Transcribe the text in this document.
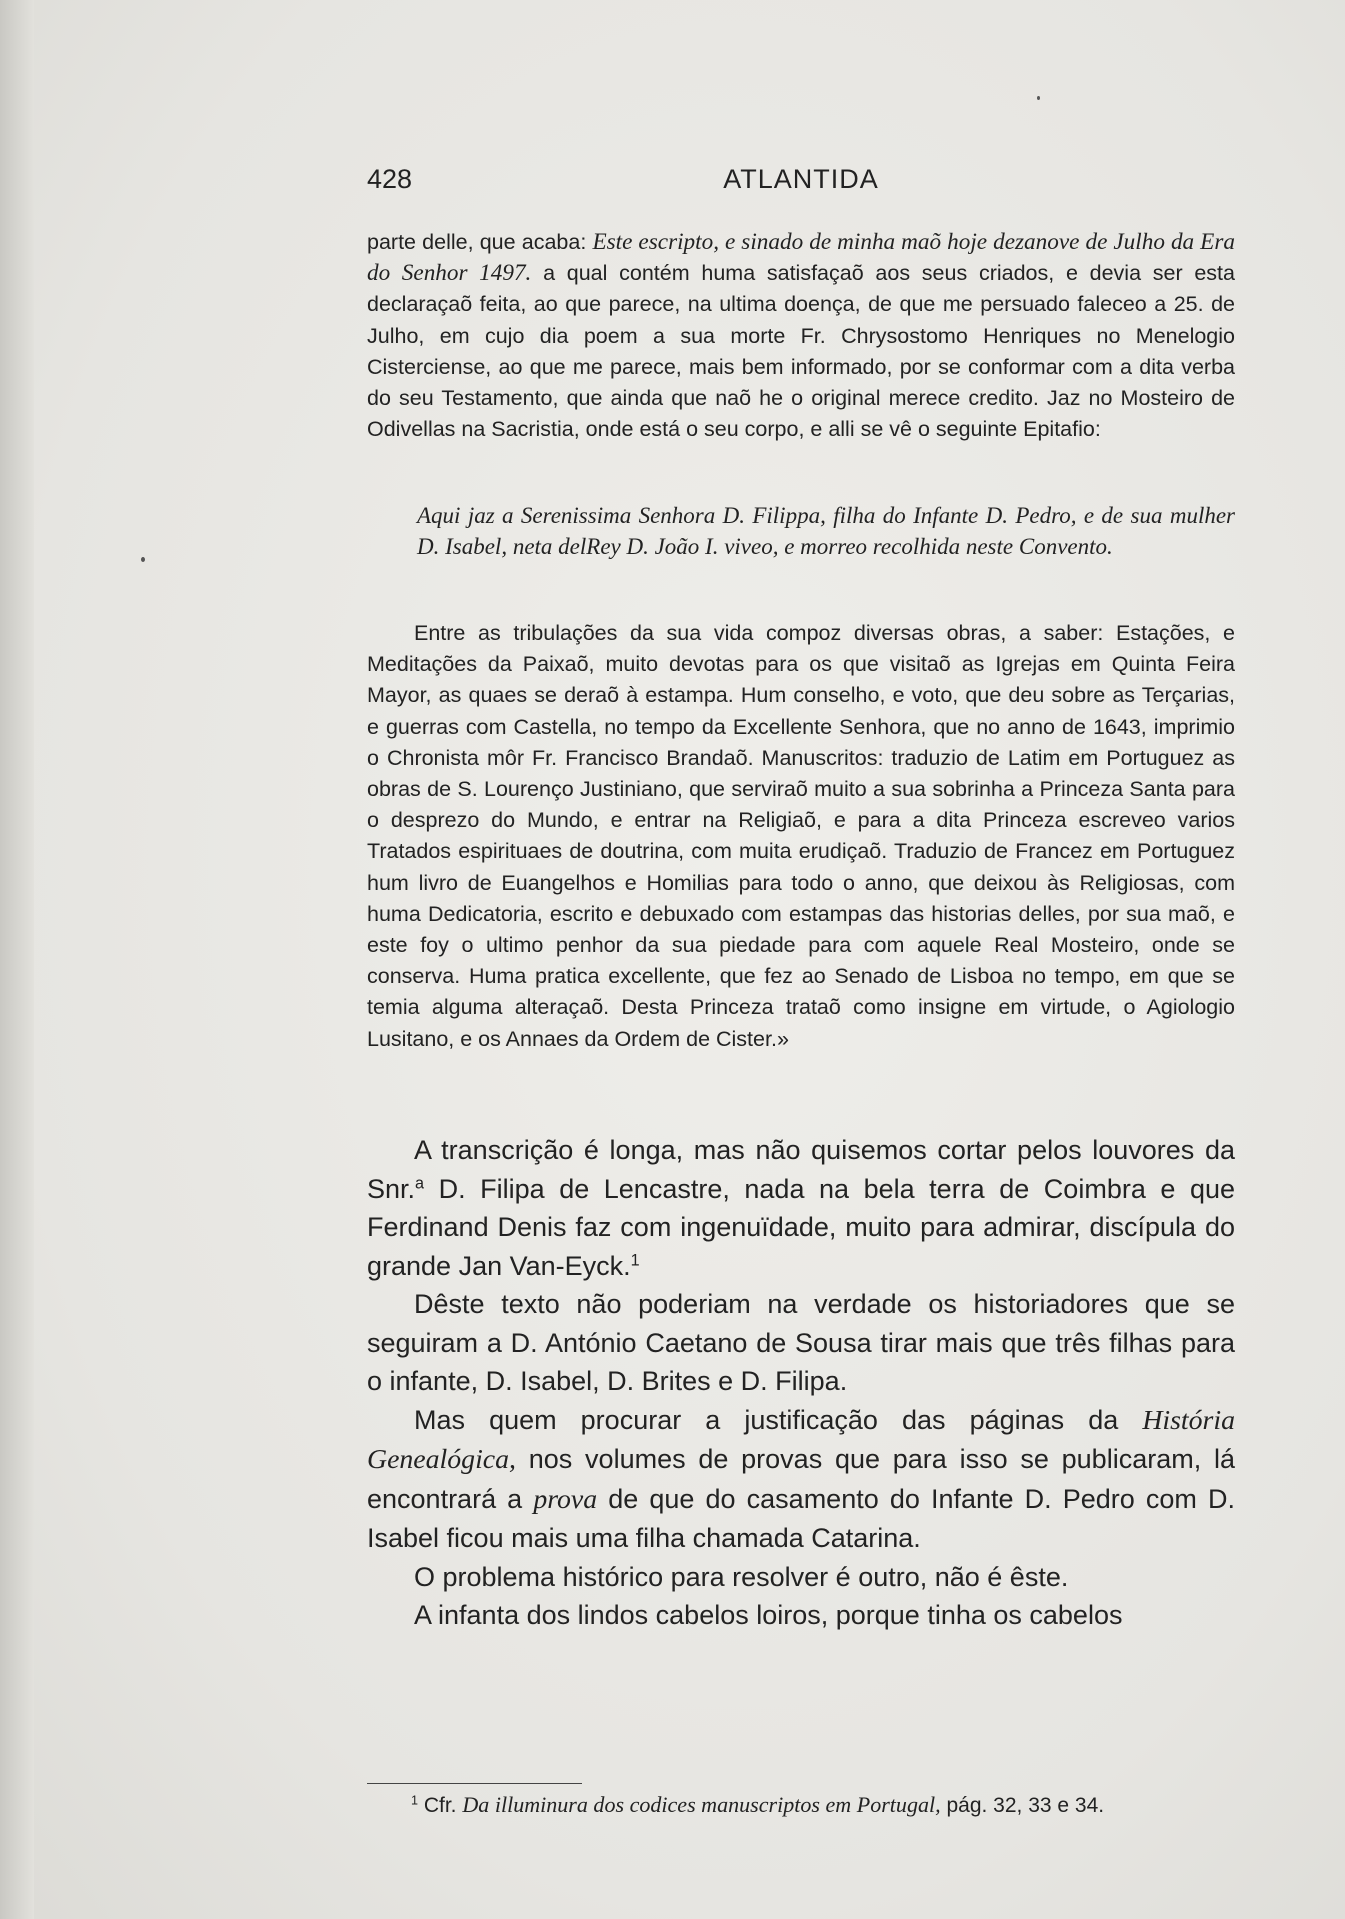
428	ATLANTIDA

parte delle, que acaba: Este escripto, e sinado de minha maõ hoje dezanove de Julho da Era do Senhor 1497. a qual contém huma satisfaçaõ aos seus criados, e devia ser esta declaraçaõ feita, ao que parece, na ultima doença, de que me persuado faleceo a 25. de Julho, em cujo dia poem a sua morte Fr. Chrysostomo Henriques no Menelogio Cisterciense, ao que me parece, mais bem informado, por se conformar com a dita verba do seu Testamento, que ainda que naõ he o original merece credito. Jaz no Mosteiro de Odivellas na Sacristia, onde está o seu corpo, e alli se vê o seguinte Epitafio:

Aqui jaz a Serenissima Senhora D. Filippa, filha do Infante D. Pedro, e de sua mulher D. Isabel, neta delRey D. João I. viveo, e morreo recolhida neste Convento.

Entre as tribulações da sua vida compoz diversas obras, a saber: Estações, e Meditações da Paixaõ, muito devotas para os que visitaõ as Igrejas em Quinta Feira Mayor, as quaes se deraõ à estampa. Hum conselho, e voto, que deu sobre as Terçarias, e guerras com Castella, no tempo da Excellente Senhora, que no anno de 1643, imprimio o Chronista môr Fr. Francisco Brandaõ. Manuscritos: traduzio de Latim em Portuguez as obras de S. Lourenço Justiniano, que serviraõ muito a sua sobrinha a Princeza Santa para o desprezo do Mundo, e entrar na Religiaõ, e para a dita Princeza escreveo varios Tratados espirituaes de doutrina, com muita erudiçaõ. Traduzio de Francez em Portuguez hum livro de Euangelhos e Homilias para todo o anno, que deixou às Religiosas, com huma Dedicatoria, escrito e debuxado com estampas das historias delles, por sua maõ, e este foy o ultimo penhor da sua piedade para com aquele Real Mosteiro, onde se conserva. Huma pratica excellente, que fez ao Senado de Lisboa no tempo, em que se temia alguma alteraçaõ. Desta Princeza trataõ como insigne em virtude, o Agiologio Lusitano, e os Annaes da Ordem de Cister.»

A transcrição é longa, mas não quisemos cortar pelos louvores da Snr.$^a$ D. Filipa de Lencastre, nada na bela terra de Coimbra e que Ferdinand Denis faz com ingenuïdade, muito para admirar, discípula do grande Jan Van-Eyck.$^1$

Dêste texto não poderiam na verdade os historiadores que se seguiram a D. António Caetano de Sousa tirar mais que três filhas para o infante, D. Isabel, D. Brites e D. Filipa.

Mas quem procurar a justificação das páginas da História Genealógica, nos volumes de provas que para isso se publicaram, lá encontrará a prova de que do casamento do Infante D. Pedro com D. Isabel ficou mais uma filha chamada Catarina.

O problema histórico para resolver é outro, não é êste.

A infanta dos lindos cabelos loiros, porque tinha os cabelos

$^1$ Cfr. Da illuminura dos codices manuscriptos em Portugal, pág. 32, 33 e 34.
